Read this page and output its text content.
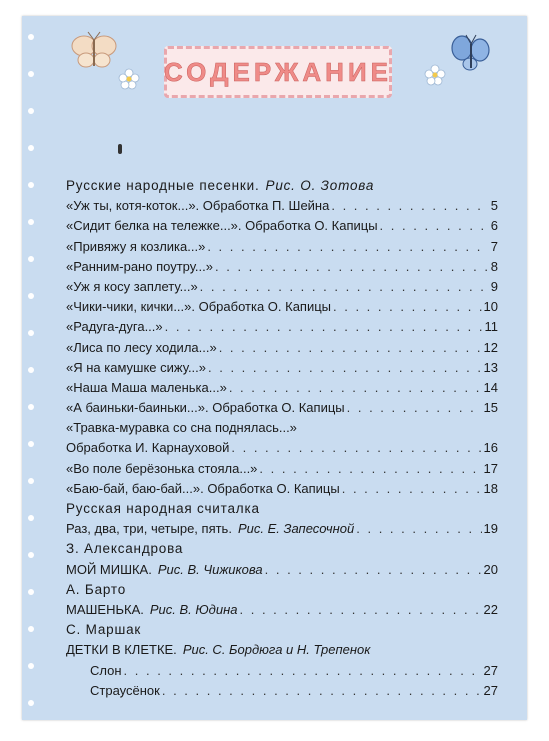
СОДЕРЖАНИЕ
Русские народные песенки. Рис. О. Зотова
«Уж ты, котя-коток...». Обработка П. Шейна . . .	5
«Сидит белка на тележке...». Обработка О. Капицы . . .	6
«Привяжу я козлика...» . . .	7
«Ранним-рано поутру...» . . .	8
«Уж я косу заплету...» . . .	9
«Чики-чики, кички...». Обработка О. Капицы . . .	10
«Радуга-дуга...» . . .	11
«Лиса по лесу ходила...» . . .	12
«Я на камушке сижу...» . . .	13
«Наша Маша маленька...» . . .	14
«А баиньки-баиньки...». Обработка О. Капицы . . .	15
«Травка-муравка со сна поднялась...»
Обработка И. Карнауховой . . .	16
«Во поле берёзонька стояла...» . . .	17
«Баю-бай, баю-бай...». Обработка О. Капицы . . .	18
Русская народная считалка
Раз, два, три, четыре, пять. Рис. Е. Запесочной . . .	19
З. Александрова
МОЙ МИШКА. Рис. В. Чижикова . . .	20
А. Барто
МАШЕНЬКА. Рис. В. Юдина . . .	22
С. Маршак
ДЕТКИ В КЛЕТКЕ. Рис. С. Бордюга и Н. Трепенок
Слон . . .	27
Страусёнок . . .	27
